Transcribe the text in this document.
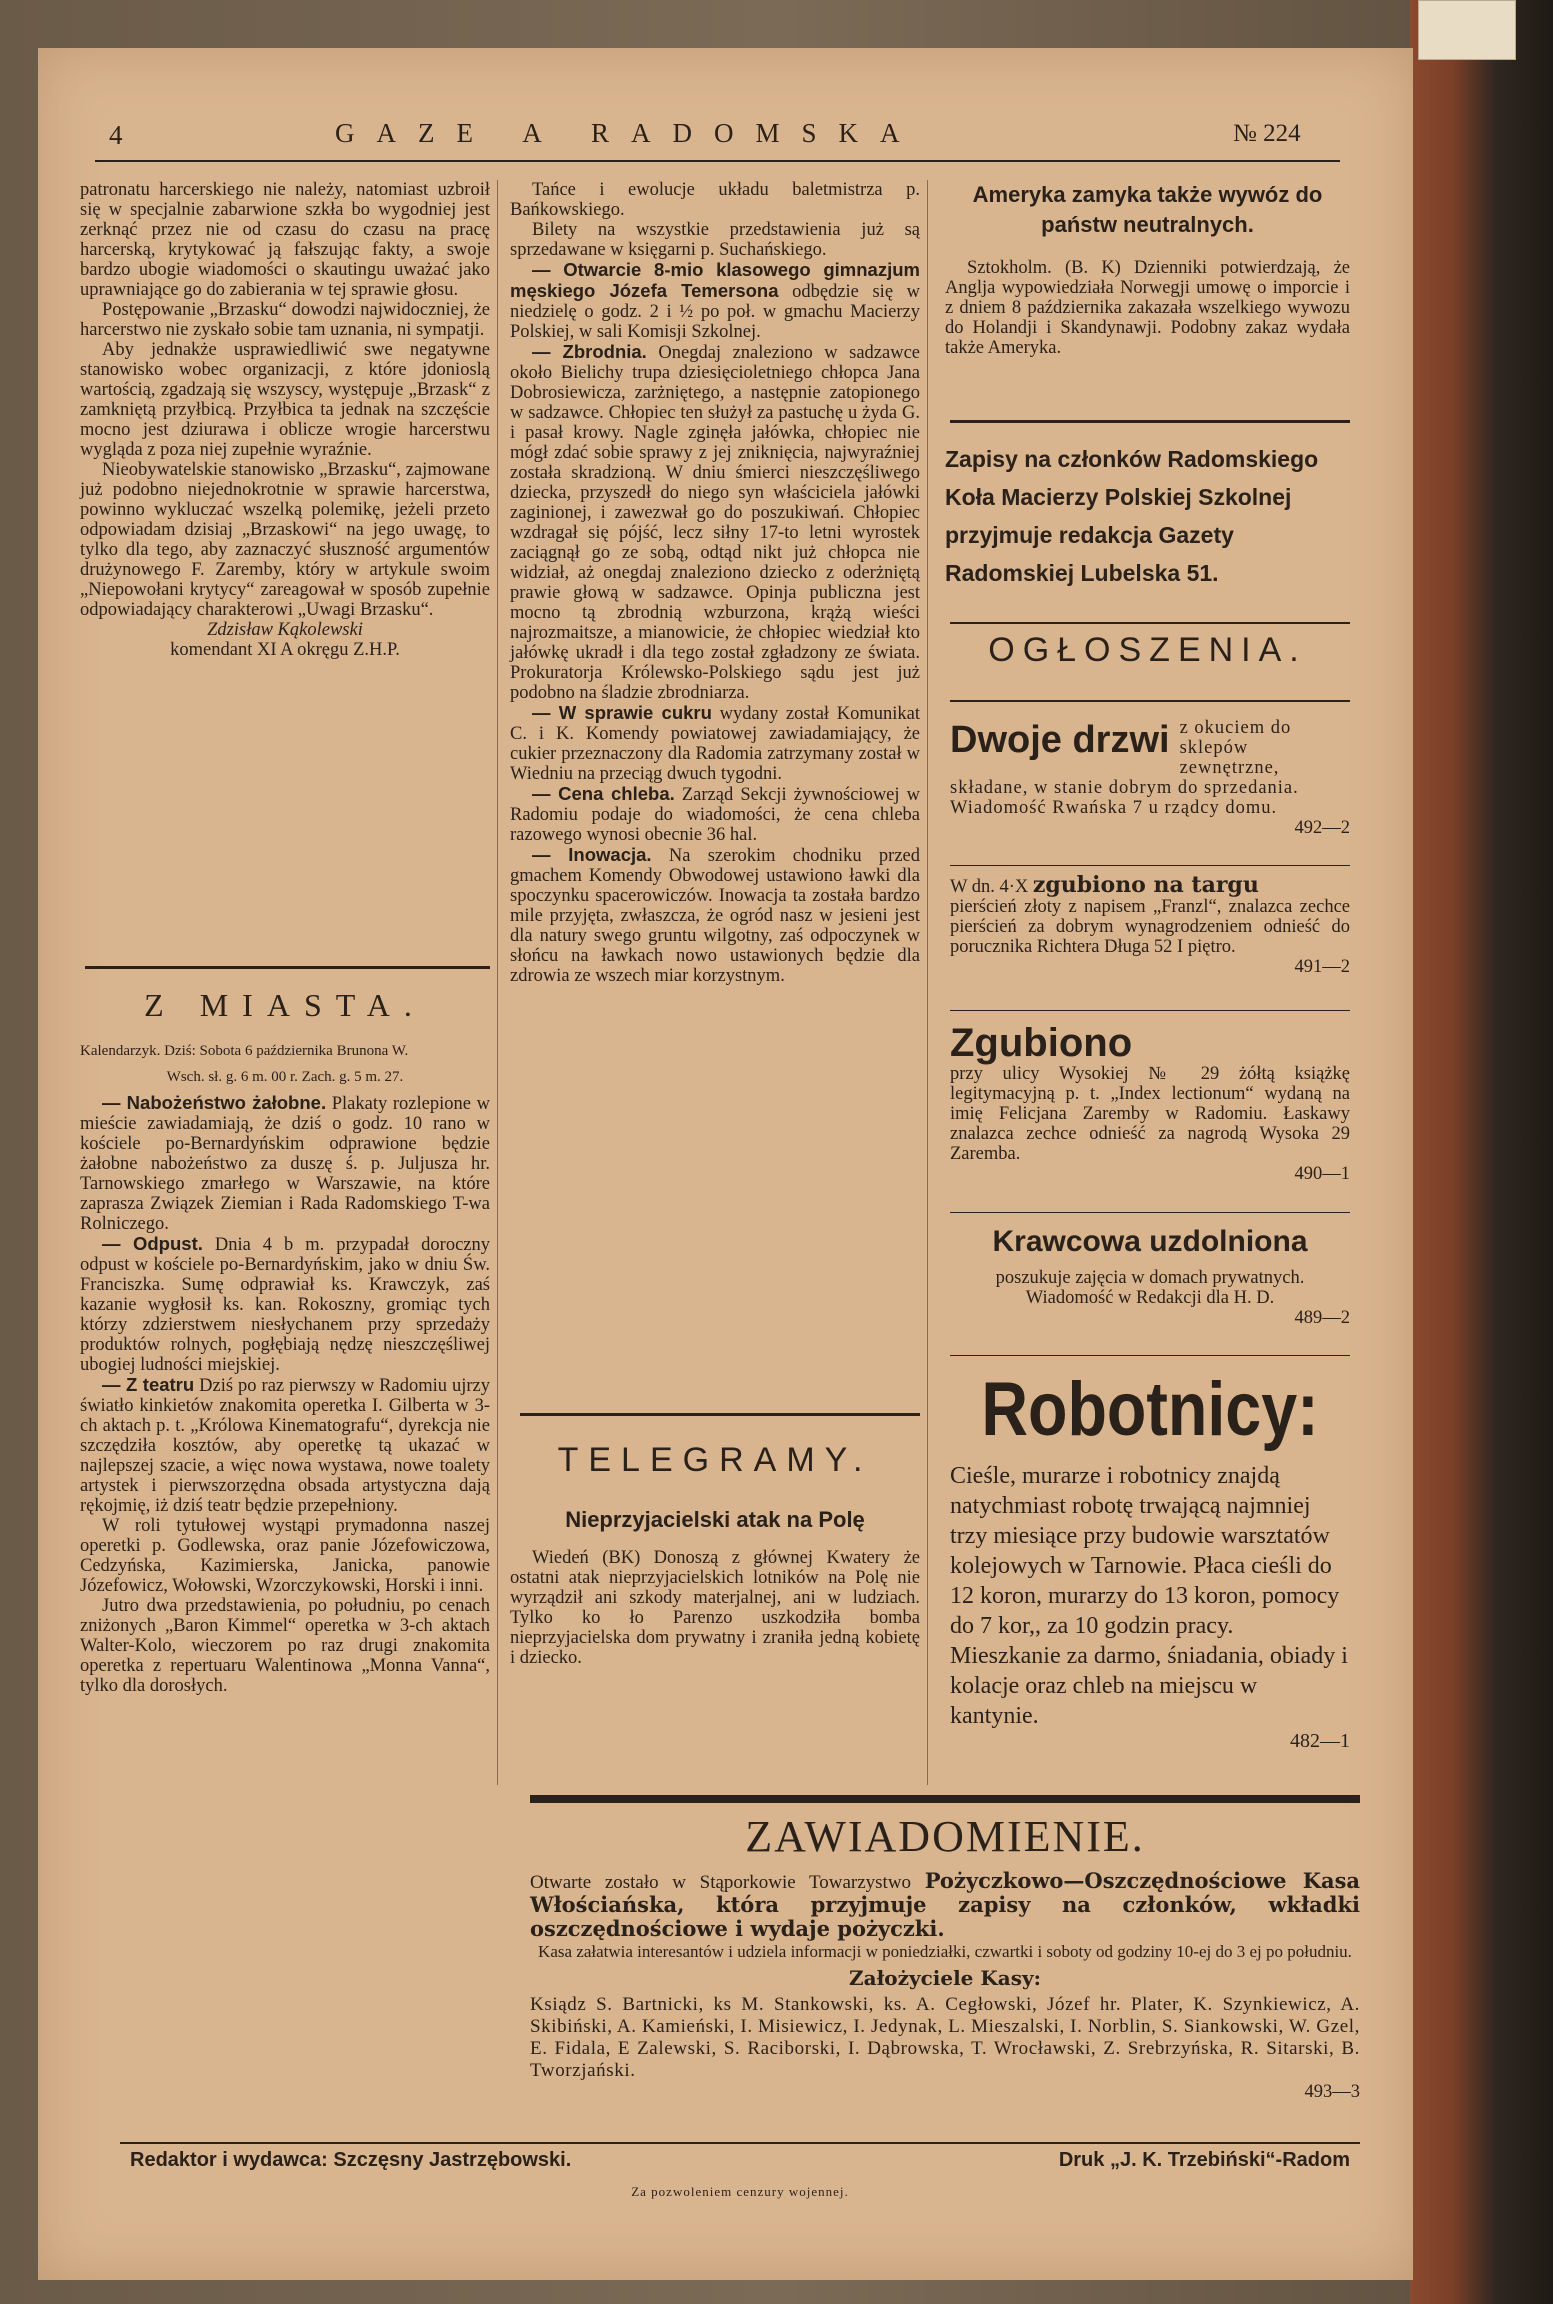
4	GAZE A RADOMSKA	№ 224

patronatu harcerskiego nie należy, natomiast uzbroił się w specjalnie zabarwione szkła bo wygodniej jest zerknąć przez nie od czasu do czasu na pracę harcerską, krytykować ją fałszując fakty, a swoje bardzo ubogie wiadomości o skautingu uważać jako uprawniające go do zabierania w tej sprawie głosu.

Postępowanie „Brzasku“ dowodzi najwidoczniej, że harcerstwo nie zyskało sobie tam uznania, ni sympatji.

Aby jednakże usprawiedliwić swe negatywne stanowisko wobec organizacji, z które jdonioslą wartością, zgadzają się wszyscy, występuje „Brzask“ z zamkniętą przyłbicą. Przyłbica ta jednak na szczęście mocno jest dziurawa i oblicze wrogie harcerstwu wygląda z poza niej zupełnie wyraźnie.

Nieobywatelskie stanowisko „Brzasku“, zajmowane już podobno niejednokrotnie w sprawie harcerstwa, powinno wykluczać wszelką polemikę, jeżeli przeto odpowiadam dzisiaj „Brzaskowi“ na jego uwagę, to tylko dla tego, aby zaznaczyć słuszność argumentów drużynowego F. Zaremby, który w artykule swoim „Niepowołani krytycy“ zareagował w sposób zupełnie odpowiadający charakterowi „Uwagi Brzasku“.

Zdzisław Kąkolewski
komendant XI A okręgu Z.H.P.
Z MIASTA.

Kalendarzyk. Dziś: Sobota 6 października Brunona W.

Wsch. sł. g. 6 m. 00 r. Zach. g. 5 m. 27.

— Nabożeństwo żałobne. Plakaty rozlepione w mieście zawiadamiają, że dziś o godz. 10 rano w kościele po-Bernardyńskim odprawione będzie żałobne nabożeństwo za duszę ś. p. Juljusza hr. Tarnowskiego zmarłego w Warszawie, na które zaprasza Związek Ziemian i Rada Radomskiego T-wa Rolniczego.

— Odpust. Dnia 4 b m. przypadał doroczny odpust w kościele po-Bernardyńskim, jako w dniu Św. Franciszka. Sumę odprawiał ks. Krawczyk, zaś kazanie wygłosił ks. kan. Rokoszny, gromiąc tych którzy zdzierstwem niesłychanem przy sprzedaży produktów rolnych, pogłębiają nędzę nieszczęśliwej ubogiej ludności miejskiej.

— Z teatru Dziś po raz pierwszy w Radomiu ujrzy światło kinkietów znakomita operetka I. Gilberta w 3-ch aktach p. t. „Królowa Kinematografu“, dyrekcja nie szczędziła kosztów, aby operetkę tą ukazać w najlepszej szacie, a więc nowa wystawa, nowe toalety artystek i pierwszorzędna obsada artystyczna dają rękojmię, iż dziś teatr będzie przepełniony.

W roli tytułowej wystąpi prymadonna naszej operetki p. Godlewska, oraz panie Józefowiczowa, Cedzyńska, Kazimierska, Janicka, panowie Józefowicz, Wołowski, Wzorczykowski, Horski i inni.

Jutro dwa przedstawienia, po południu, po cenach zniżonych „Baron Kimmel“ operetka w 3-ch aktach Walter-Kolo, wieczorem po raz drugi znakomita operetka z repertuaru Walentinowa „Monna Vanna“, tylko dla dorosłych.

Tańce i ewolucje układu baletmistrza p. Bańkowskiego.

Bilety na wszystkie przedstawienia już są sprzedawane w księgarni p. Suchańskiego.

— Otwarcie 8-mio klasowego gimnazjum męskiego Józefa Temersona odbędzie się w niedzielę o godz. 2 i ½ po poł. w gmachu Macierzy Polskiej, w sali Komisji Szkolnej.

— Zbrodnia. Onegdaj znaleziono w sadzawce około Bielichy trupa dziesięcioletniego chłopca Jana Dobrosiewicza, zarżniętego, a następnie zatopionego w sadzawce. Chłopiec ten służył za pastuchę u żyda G. i pasał krowy. Nagle zginęła jałówka, chłopiec nie mógł zdać sobie sprawy z jej zniknięcia, najwyraźniej została skradzioną. W dniu śmierci nieszczęśliwego dziecka, przyszedł do niego syn właściciela jałówki zaginionej, i zawezwał go do poszukiwań. Chłopiec wzdragał się pójść, lecz siłny 17-to letni wyrostek zaciągnął go ze sobą, odtąd nikt już chłopca nie widział, aż onegdaj znaleziono dziecko z oderżniętą prawie głową w sadzawce. Opinja publiczna jest mocno tą zbrodnią wzburzona, krążą wieści najrozmaitsze, a mianowicie, że chłopiec wiedział kto jałówkę ukradł i dla tego został zgładzony ze świata. Prokuratorja Królewsko-Polskiego sądu jest już podobno na śladzie zbrodniarza.

— W sprawie cukru wydany został Komunikat C. i K. Komendy powiatowej zawiadamiający, że cukier przeznaczony dla Radomia zatrzymany został w Wiedniu na przeciąg dwuch tygodni.

— Cena chleba. Zarząd Sekcji żywnościowej w Radomiu podaje do wiadomości, że cena chleba razowego wynosi obecnie 36 hal.

— Inowacja. Na szerokim chodniku przed gmachem Komendy Obwodowej ustawiono ławki dla spoczynku spacerowiczów. Inowacja ta została bardzo mile przyjęta, zwłaszcza, że ogród nasz w jesieni jest dla natury swego gruntu wilgotny, zaś odpoczynek w słońcu na ławkach nowo ustawionych będzie dla zdrowia ze wszech miar korzystnym.

TELEGRAMY.
Nieprzyjacielski atak na Polę

Wiedeń (BK) Donoszą z głównej Kwatery że ostatni atak nieprzyjacielskich lotników na Polę nie wyrządził ani szkody materjalnej, ani w ludziach. Tylko ko ło Parenzo uszkodziła bomba nieprzyjacielska dom prywatny i zraniła jedną kobietę i dziecko.

Ameryka zamyka także wywóz do państw neutralnych.

Sztokholm. (B. K) Dzienniki potwierdzają, że Anglja wypowiedziała Norwegji umowę o imporcie i z dniem 8 października zakazała wszelkiego wywozu do Holandji i Skandynawji. Podobny zakaz wydała także Ameryka.

Zapisy na członków Radomskiego Koła Macierzy Polskiej Szkolnej przyjmuje redakcja Gazety Radomskiej Lubelska 51.

OGŁOSZENIA.
Dwoje drzwi z okuciem do sklepów zewnętrzne,

składane, w stanie dobrym do sprzedania. Wiadomość Rwańska 7 u rządcy domu.

492—2

W dn. 4·X zgubiono na targu

pierścień złoty z napisem „Franzl“, znalazca zechce pierścień za dobrym wynagrodzeniem odnieść do porucznika Richtera Długa 52 I piętro.

491—2
Zgubiono

przy ulicy Wysokiej № 29 żółtą książkę legitymacyjną p. t. „Index lectionum“ wydaną na imię Felicjana Zaremby w Radomiu. Łaskawy znalazca zechce odnieść za nagrodą Wysoka 29 Zaremba.

490—1
Krawcowa uzdolniona

poszukuje zajęcia w domach prywatnych. Wiadomość w Redakcji dla H. D.

489—2
Robotnicy:

Cieśle, murarze i robotnicy znajdą natychmiast robotę trwającą najmniej trzy miesiące przy budowie warsztatów kolejowych w Tarnowie. Płaca cieśli do 12 koron, murarzy do 13 koron, pomocy do 7 kor,, za 10 godzin pracy. Mieszkanie za darmo, śniadania, obiady i kolacje oraz chleb na miejscu w kantynie.

482—1
ZAWIADOMIENIE.

Otwarte zostało w Stąporkowie Towarzystwo Pożyczkowo—Oszczędnościowe Kasa Włościańska, która przyjmuje zapisy na członków, wkładki oszczędnościowe i wydaje pożyczki.

Kasa załatwia interesantów i udziela informacji w poniedziałki, czwartki i soboty od godziny 10-ej do 3 ej po południu.

Założyciele Kasy:

Ksiądz S. Bartnicki, ks M. Stankowski, ks. A. Cegłowski, Józef hr. Plater, K. Szynkiewicz, A. Skibiński, A. Kamieński, I. Misiewicz, I. Jedynak, L. Mieszalski, I. Norblin, S. Siankowski, W. Gzel, E. Fidala, E Zalewski, S. Raciborski, I. Dąbrowska, T. Wrocławski, Z. Srebrzyńska, R. Sitarski, B. Tworzjański.

493—3
Redaktor i wydawca: Szczęsny Jastrzębowski.	Druk „J. K. Trzebiński“-Radom
Za pozwoleniem cenzury wojennej.
